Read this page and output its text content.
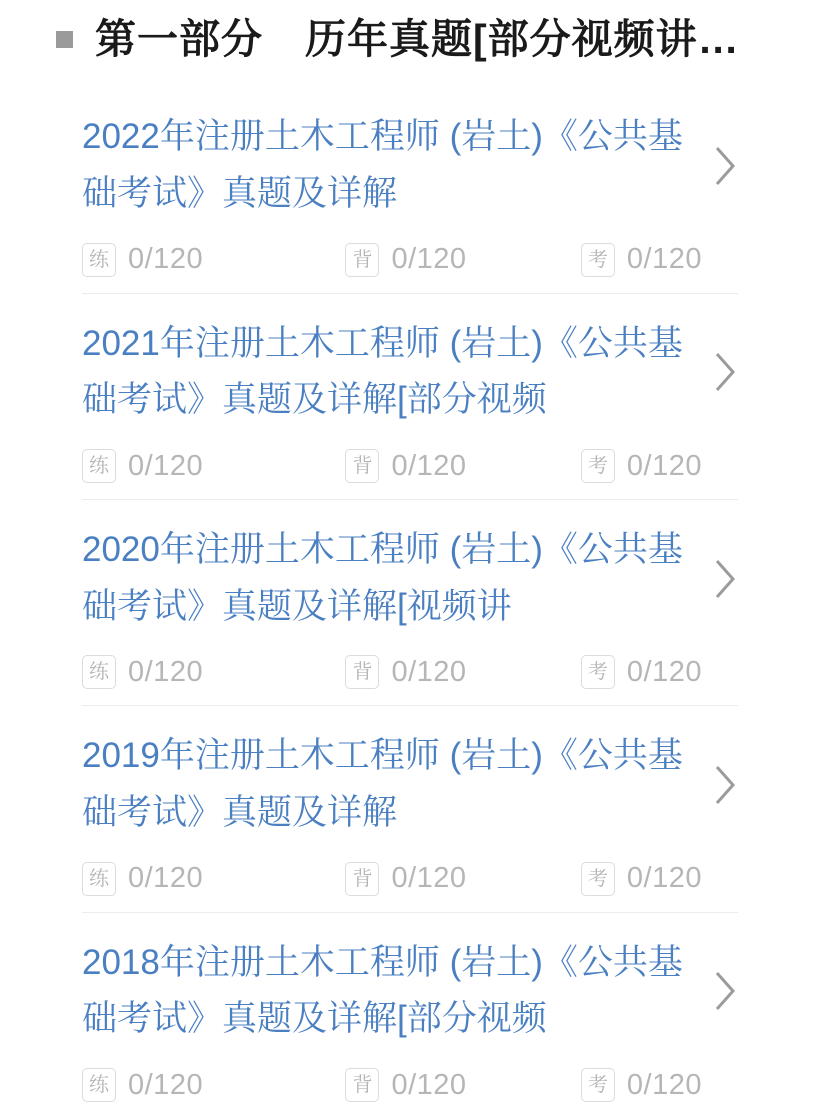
第一部分　历年真题[部分视频讲…
2022年注册土木工程师 (岩土)《公共基础考试》真题及详解
练 0/120	背 0/120	考 0/120
2021年注册土木工程师 (岩土)《公共基础考试》真题及详解[部分视频
练 0/120	背 0/120	考 0/120
2020年注册土木工程师 (岩土)《公共基础考试》真题及详解[视频讲
练 0/120	背 0/120	考 0/120
2019年注册土木工程师 (岩土)《公共基础考试》真题及详解
练 0/120	背 0/120	考 0/120
2018年注册土木工程师 (岩土)《公共基础考试》真题及详解[部分视频
练 0/120	背 0/120	考 0/120
